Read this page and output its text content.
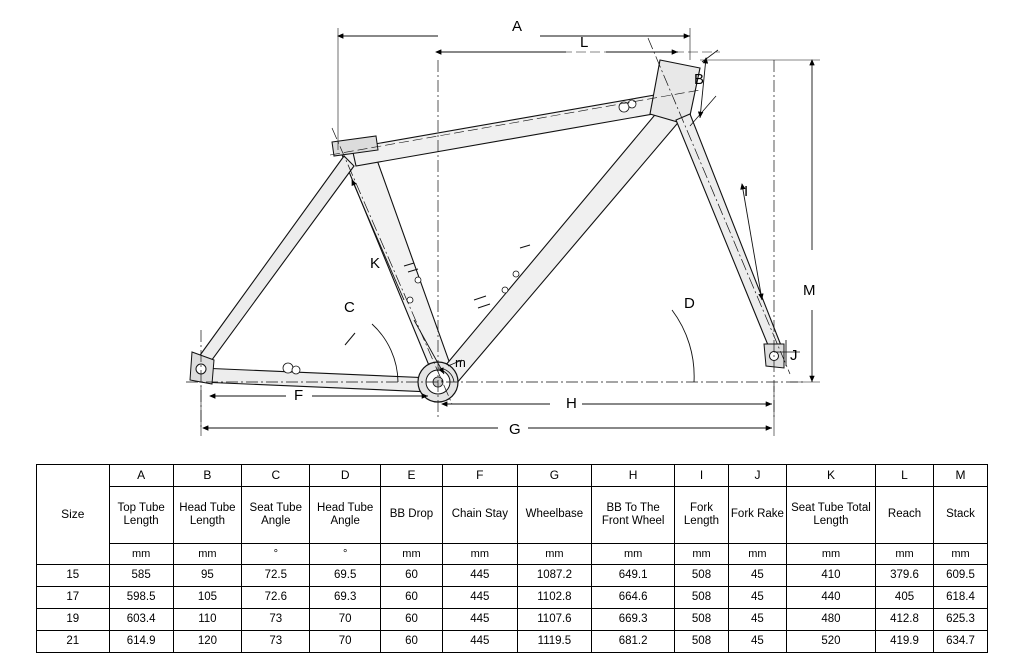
A
L
B
I
M
J
D
C
K
m
F	H
G
Size	A	B	C	D	E	F	G	H	I	J	K	L	M
	Top Tube Length	Head Tube Length	Seat Tube Angle	Head Tube Angle	BB Drop	Chain Stay	Wheelbase	BB To The Front Wheel	Fork Length	Fork Rake	Seat Tube Total Length	Reach	Stack
	mm	mm	°	°	mm	mm	mm	mm	mm	mm	mm	mm	mm
15	585	95	72.5	69.5	60	445	1087.2	649.1	508	45	410	379.6	609.5
17	598.5	105	72.6	69.3	60	445	1102.8	664.6	508	45	440	405	618.4
19	603.4	110	73	70	60	445	1107.6	669.3	508	45	480	412.8	625.3
21	614.9	120	73	70	60	445	1119.5	681.2	508	45	520	419.9	634.7
